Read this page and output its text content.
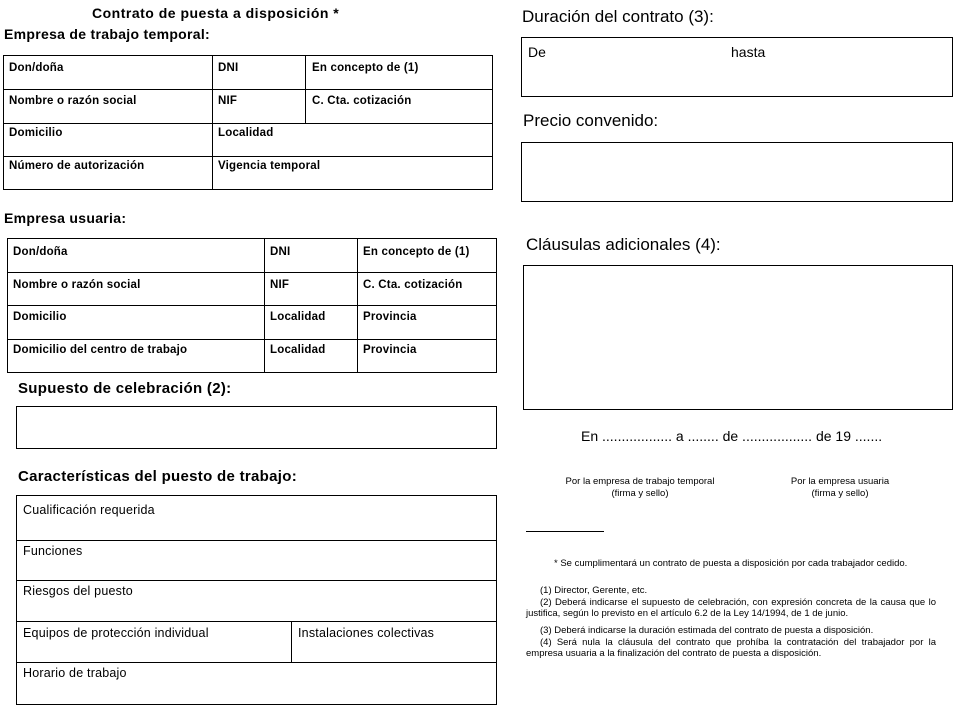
Contrato de puesta a disposición *
Empresa de trabajo temporal:
Don/doña	DNI	En concepto de (1)
Nombre o razón social	NIF	C. Cta. cotización
Domicilio	Localidad
Número de autorización	Vigencia temporal
Empresa usuaria:
Don/doña	DNI	En concepto de (1)
Nombre o razón social	NIF	C. Cta. cotización
Domicilio	Localidad	Provincia
Domicilio del centro de trabajo	Localidad	Provincia
Supuesto de celebración (2):
Características del puesto de trabajo:
Cualificación requerida
Funciones
Riesgos del puesto
Equipos de protección individual	Instalaciones colectivas
Horario de trabajo
Duración del contrato (3):
De	hasta
Precio convenido:
Cláusulas adicionales (4):
En .................. a ........ de .................. de 19 .......
Por la empresa de trabajo temporal
(firma y sello)
Por la empresa usuaria
(firma y sello)
* Se cumplimentará un contrato de puesta a disposición por cada trabajador cedido.
(1) Director, Gerente, etc.
(2) Deberá indicarse el supuesto de celebración, con expresión concreta de la causa que lo justifica, según lo previsto en el artículo 6.2 de la Ley 14/1994, de 1 de junio.
(3) Deberá indicarse la duración estimada del contrato de puesta a disposición.
(4) Será nula la cláusula del contrato que prohíba la contratación del trabajador por la empresa usuaria a la finalización del contrato de puesta a disposición.
